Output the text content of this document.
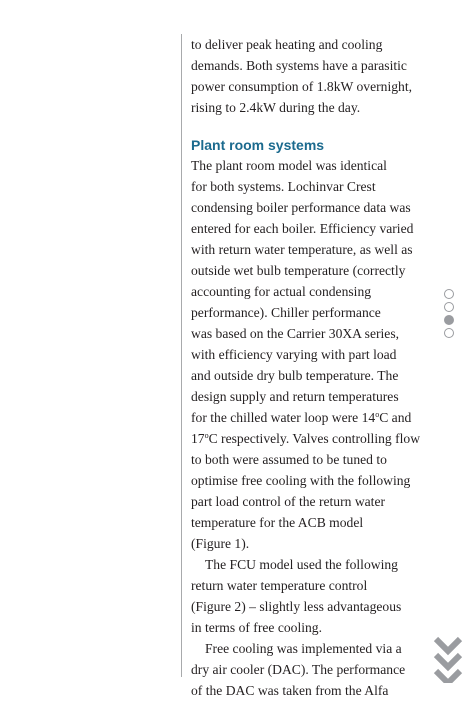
to deliver peak heating and cooling
demands. Both systems have a parasitic
power consumption of 1.8kW overnight,
rising to 2.4kW during the day.
Plant room systems
The plant room model was identical
for both systems. Lochinvar Crest
condensing boiler performance data was
entered for each boiler. Efficiency varied
with return water temperature, as well as
outside wet bulb temperature (correctly
accounting for actual condensing
performance). Chiller performance
was based on the Carrier 30XA series,
with efficiency varying with part load
and outside dry bulb temperature. The
design supply and return temperatures
for the chilled water loop were 14$^o$C and
17$^o$C respectively. Valves controlling flow
to both were assumed to be tuned to
optimise free cooling with the following
part load control of the return water
temperature for the ACB model
(Figure 1).
The FCU model used the following
return water temperature control
(Figure 2) – slightly less advantageous
in terms of free cooling.
Free cooling was implemented via a
dry air cooler (DAC). The performance
of the DAC was taken from the Alfa
